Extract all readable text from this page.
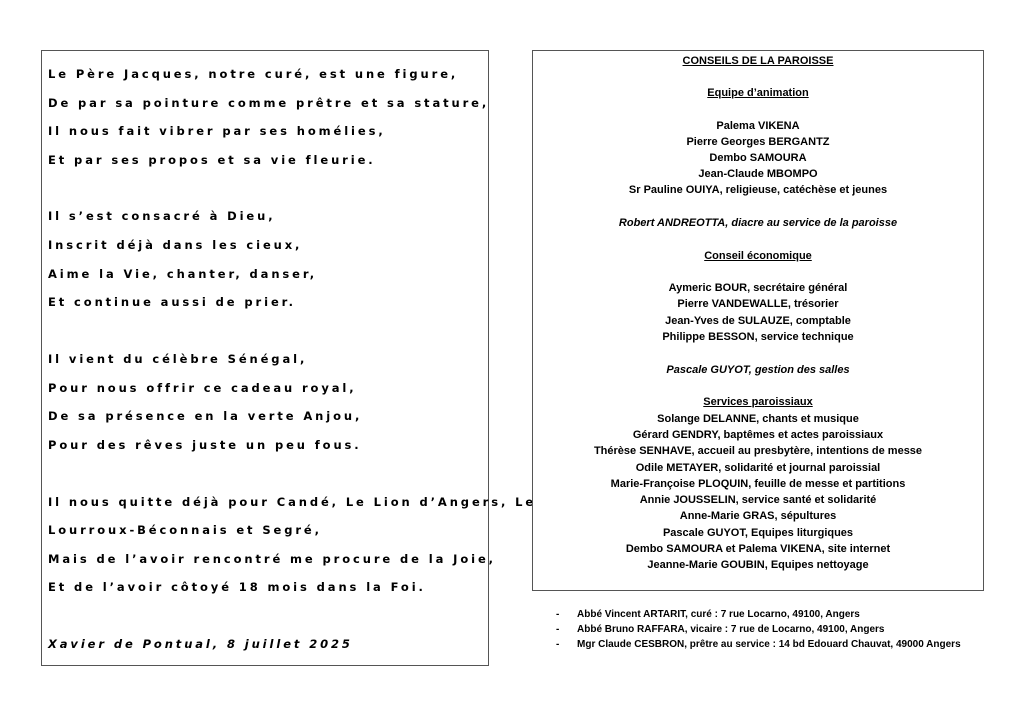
Le Père Jacques, notre curé, est une figure,
De par sa pointure comme prêtre et sa stature,
Il nous fait vibrer par ses homélies,
Et par ses propos et sa vie fleurie.
Il s’est consacré à Dieu,
Inscrit déjà dans les cieux,
Aime la Vie, chanter, danser,
Et continue aussi de prier.
Il vient du célèbre Sénégal,
Pour nous offrir ce cadeau royal,
De sa présence en la verte Anjou,
Pour des rêves juste un peu fous.
Il nous quitte déjà pour Candé, Le Lion d’Angers, Le
Lourroux-Béconnais et Segré,
Mais de l’avoir rencontré me procure de la Joie,
Et de l’avoir côtoyé 18 mois dans la Foi.
Xavier de Pontual, 8 juillet 2025
CONSEILS DE LA PAROISSE
Equipe d’animation
Palema VIKENA
Pierre Georges BERGANTZ
Dembo SAMOURA
Jean-Claude MBOMPO
Sr Pauline OUIYA, religieuse, catéchèse et jeunes
Robert ANDREOTTA, diacre au service de la paroisse
Conseil économique
Aymeric BOUR, secrétaire général
Pierre VANDEWALLE, trésorier
Jean-Yves de SULAUZE, comptable
Philippe BESSON, service technique
Pascale GUYOT, gestion des salles
Services paroissiaux
Solange DELANNE, chants et musique
Gérard GENDRY, baptêmes et actes paroissiaux
Thérèse SENHAVE, accueil au presbytère, intentions de messe
Odile METAYER, solidarité et journal paroissial
Marie-Françoise PLOQUIN, feuille de messe et partitions
Annie JOUSSELIN, service santé et solidarité
Anne-Marie GRAS, sépultures
Pascale GUYOT, Equipes liturgiques
Dembo SAMOURA et Palema VIKENA, site internet
Jeanne-Marie GOUBIN, Equipes nettoyage
- Abbé Vincent ARTARIT, curé : 7 rue Locarno, 49100, Angers
- Abbé Bruno RAFFARA, vicaire : 7 rue de Locarno, 49100, Angers
- Mgr Claude CESBRON, prêtre au service : 14 bd Edouard Chauvat, 49000 Angers
